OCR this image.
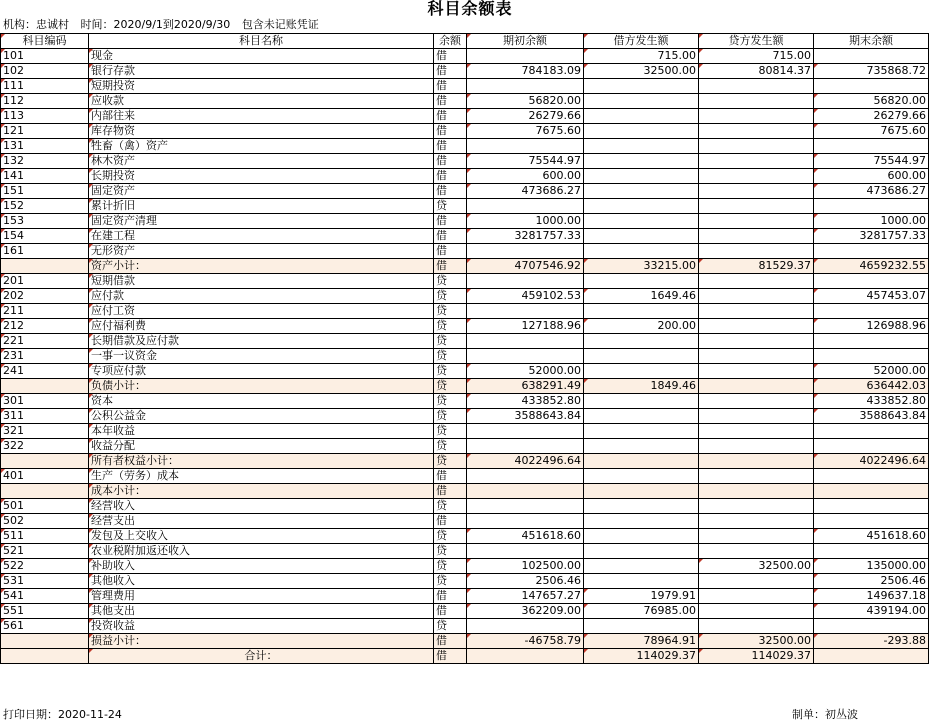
科目余额表
机构：忠诚村 时间：2020/9/1到2020/9/30 包含未记账凭证
科目编码	科目名称	余额	期初余额	借方发生额	贷方发生额	期末余额
101	现金	借		715.00	715.00	
102	银行存款	借	784183.09	32500.00	80814.37	735868.72
111	短期投资	借				
112	应收款	借	56820.00			56820.00
113	内部往来	借	26279.66			26279.66
121	库存物资	借	7675.60			7675.60
131	牲畜（禽）资产	借				
132	林木资产	借	75544.97			75544.97
141	长期投资	借	600.00			600.00
151	固定资产	借	473686.27			473686.27
152	累计折旧	贷				
153	固定资产清理	借	1000.00			1000.00
154	在建工程	借	3281757.33			3281757.33
161	无形资产	借				
	资产小计：	借	4707546.92	33215.00	81529.37	4659232.55
201	短期借款	贷				
202	应付款	贷	459102.53	1649.46		457453.07
211	应付工资	贷				
212	应付福利费	贷	127188.96	200.00		126988.96
221	长期借款及应付款	贷				
231	一事一议资金	贷				
241	专项应付款	贷	52000.00			52000.00
	负债小计：	贷	638291.49	1849.46		636442.03
301	资本	贷	433852.80			433852.80
311	公积公益金	贷	3588643.84			3588643.84
321	本年收益	贷				
322	收益分配	贷				
	所有者权益小计：	贷	4022496.64			4022496.64
401	生产（劳务）成本	借				
	成本小计：	借				
501	经营收入	贷				
502	经营支出	借				
511	发包及上交收入	贷	451618.60			451618.60
521	农业税附加返还收入	贷				
522	补助收入	贷	102500.00		32500.00	135000.00
531	其他收入	贷	2506.46			2506.46
541	管理费用	借	147657.27	1979.91		149637.18
551	其他支出	借	362209.00	76985.00		439194.00
561	投资收益	贷				
	损益小计：	借	-46758.79	78964.91	32500.00	-293.88
	合计：	借		114029.37	114029.37	
打印日期：2020-11-24	制单：初丛波
